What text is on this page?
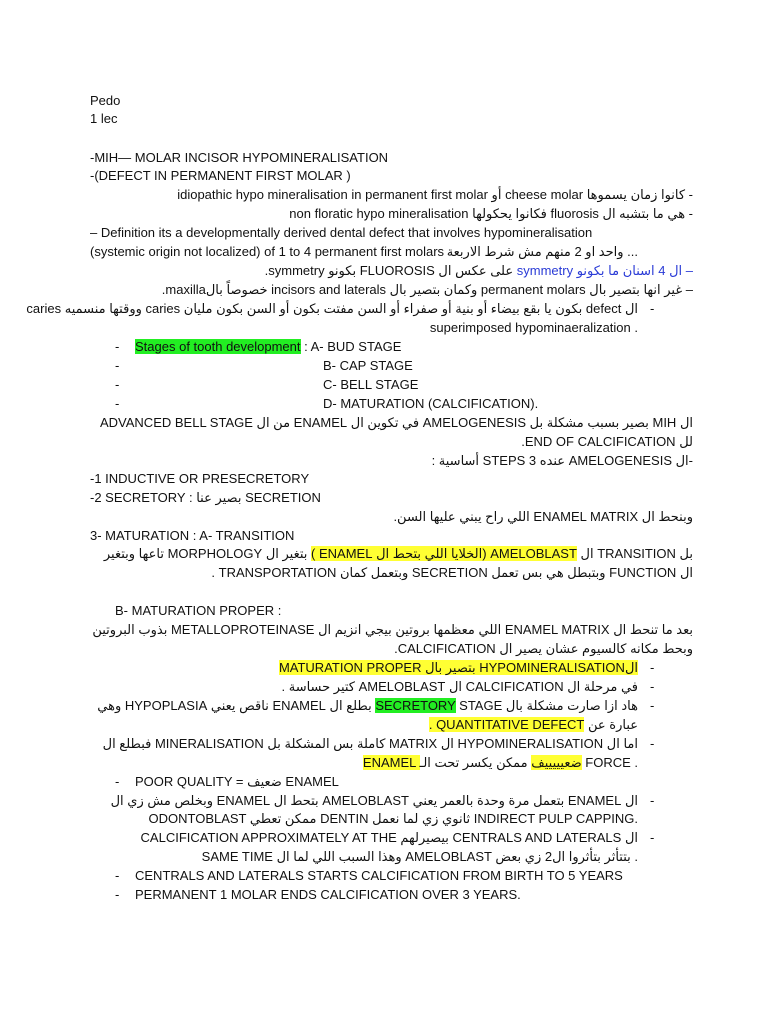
Pedo
1 lec
-MIH— MOLAR INCISOR HYPOMINERALISATION
-(DEFECT IN PERMANENT FIRST MOLAR )
- كانوا زمان يسموها cheese molar أو idiopathic hypo mineralisation in permanent first molar
- هي ما بتشبه ال fluorosis فكانوا يحكولها non floratic hypo mineralisation
– Definition its a developmentally derived dental defect that involves hypomineralisation
(systemic origin not localized) of 1 to 4 permanent first molars ... واحد او 2 منهم مش شرط الاربعة
– ال 4 اسنان ما بكونو symmetry على عكس ال FLUOROSIS بكونو symmetry.
– غير انها بتصير بال permanent molars وكمان بتصير بال incisors and laterals خصوصاً بالmaxilla.
-
ال defect بكون يا بقع بيضاء أو بنية أو صفراء أو السن مفتت بكون أو السن بكون مليان caries ووقتها منسميه caries
superimposed hypominaeralization .
- Stages of tooth development : A- BUD STAGE
-	B- CAP STAGE
-	C- BELL STAGE
-	D- MATURATION (CALCIFICATION).
ال MIH بصير بسبب مشكلة بل AMELOGENESIS في تكوين ال ENAMEL من ال ADVANCED BELL STAGE
لل END OF CALCIFICATION.
-ال AMELOGENESIS عنده 3 STEPS أساسية :
-1 INDUCTIVE OR PRESECRETORY
-2 SECRETORY : بصير عنا SECRETION
وبنحط ال ENAMEL MATRIX اللي راح يبني عليها السن.
3- MATURATION : A- TRANSITION
بل TRANSITION ال AMELOBLAST (الخلايا اللي بتحط ال ENAMEL ) بتغير ال MORPHOLOGY تاعها وبتغير
ال FUNCTION وبتبطل هي بس تعمل SECRETION وبتعمل كمان TRANSPORTATION .
B- MATURATION PROPER :
بعد ما تنحط ال ENAMEL MATRIX اللي معظمها بروتين بيجي انزيم ال METALLOPROTEINASE بذوب البروتين
وبحط مكانه كالسيوم عشان يصير ال CALCIFICATION.
-
الHYPOMINERALISATION بتصير بال MATURATION PROPER
-
في مرحلة ال CALCIFICATION ال AMELOBLAST كتير حساسة .
-
هاد ازا صارت مشكلة بال SECRETORY STAGE بطلع ال ENAMEL ناقص يعني HYPOPLASIA وهي
عبارة عن QUANTITATIVE DEFECT .
-
اما ال HYPOMINERALISATION ال MATRIX كاملة بس المشكلة بل MINERALISATION فبطلع ال
ENAMEL ضعيييييف ممكن يكسر تحت الـ FORCE .
- POOR QUALITY = ضعيف ENAMEL
-
ال ENAMEL بتعمل مرة وحدة بالعمر يعني AMELOBLAST بتحط ال ENAMEL وبخلص مش زي ال
ODONTOBLAST ممكن تعطي DENTIN ثانوي زي لما نعمل INDIRECT PULP CAPPING.
-
ال CENTRALS AND LATERALS بيصيرلهم CALCIFICATION APPROXIMATELY AT THE
SAME TIME وهذا السبب اللي لما ال AMELOBLAST بتتأثر بتأثروا ال2 زي بعض .
- CENTRALS AND LATERALS STARTS CALCIFICATION FROM BIRTH TO 5 YEARS
- PERMANENT 1 MOLAR ENDS CALCIFICATION OVER 3 YEARS.
